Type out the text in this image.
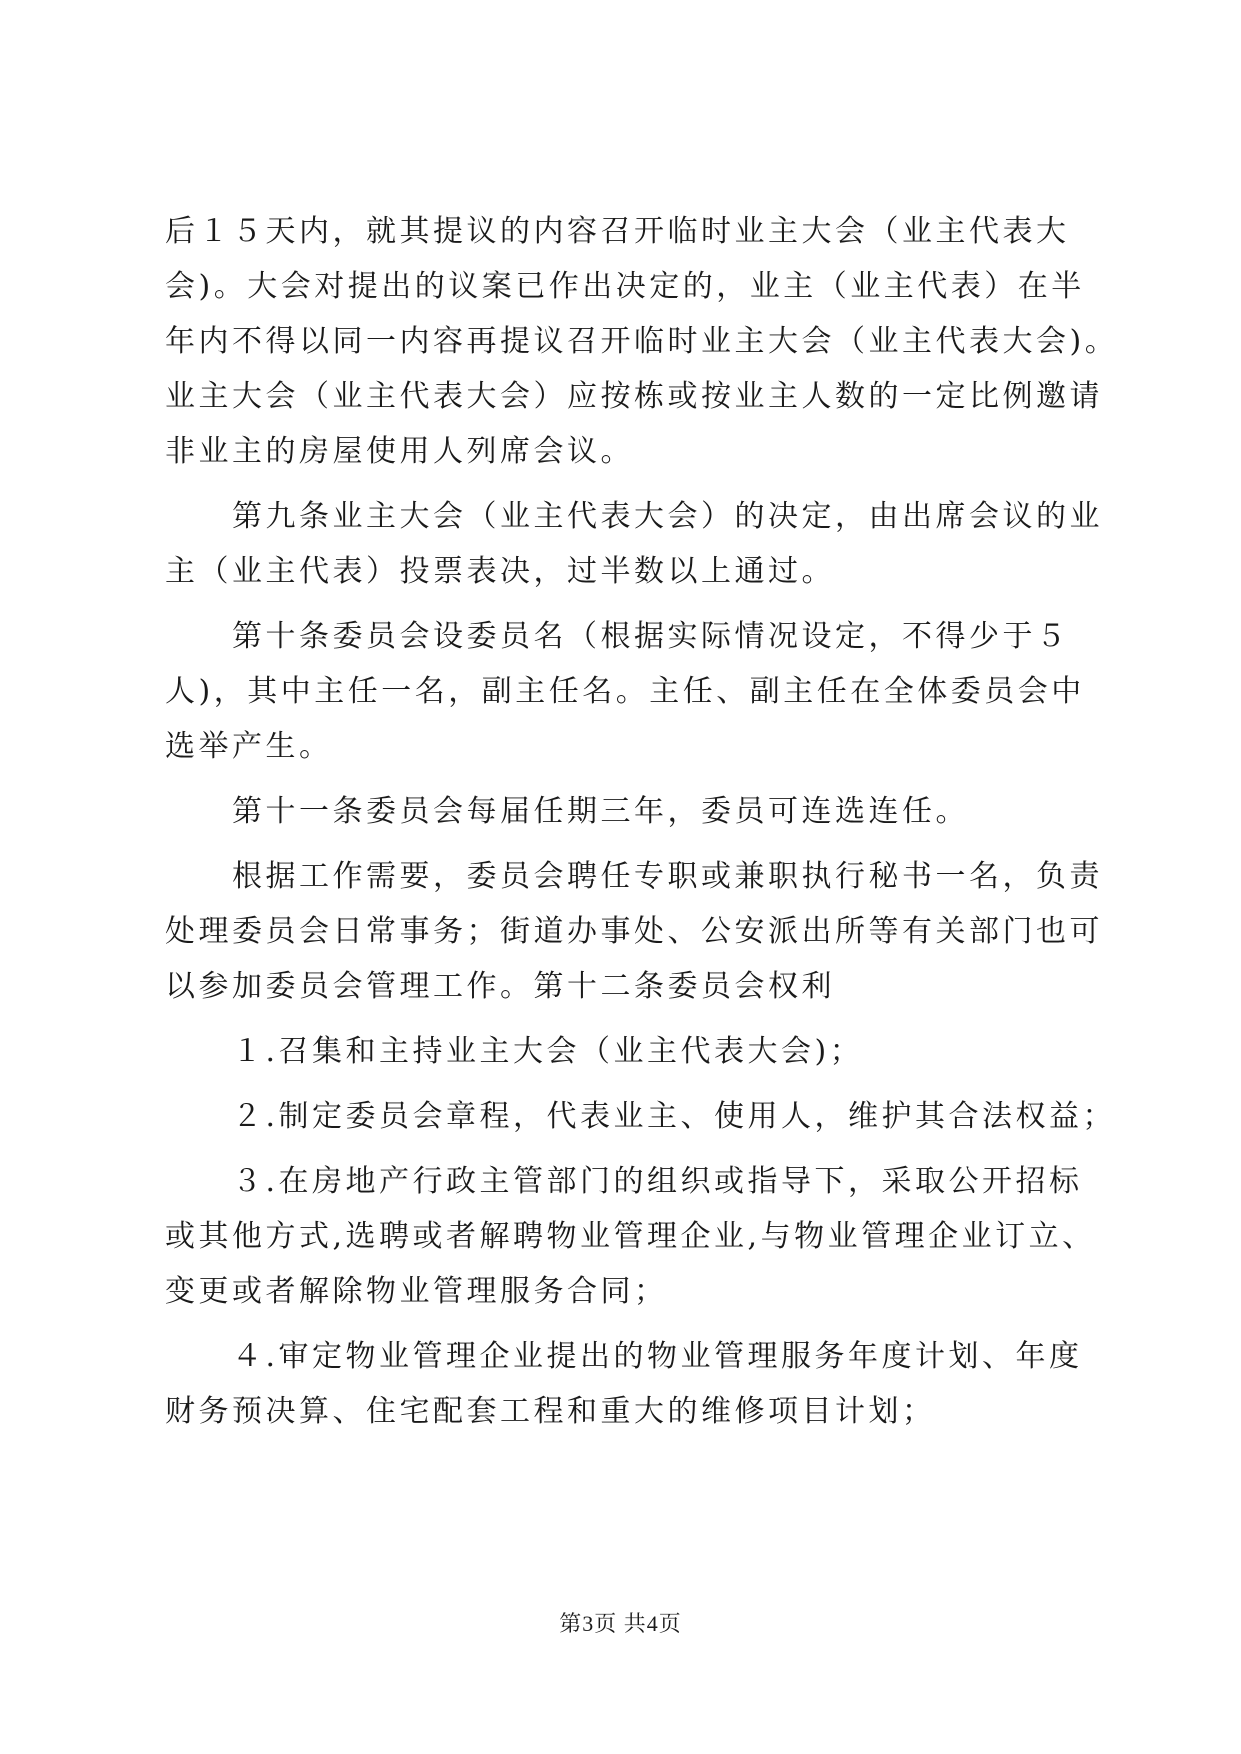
后１５天内，就其提议的内容召开临时业主大会（业主代表大
会)。大会对提出的议案已作出决定的，业主（业主代表）在半
年内不得以同一内容再提议召开临时业主大会（业主代表大会)。
业主大会（业主代表大会）应按栋或按业主人数的一定比例邀请
非业主的房屋使用人列席会议。
第九条业主大会（业主代表大会）的决定，由出席会议的业
主（业主代表）投票表决，过半数以上通过。
第十条委员会设委员名（根据实际情况设定，不得少于５
人)，其中主任一名，副主任名。主任、副主任在全体委员会中
选举产生。
第十一条委员会每届任期三年，委员可连选连任。
根据工作需要，委员会聘任专职或兼职执行秘书一名，负责
处理委员会日常事务；街道办事处、公安派出所等有关部门也可
以参加委员会管理工作。第十二条委员会权利
１.召集和主持业主大会（业主代表大会)；
２.制定委员会章程，代表业主、使用人，维护其合法权益；
３.在房地产行政主管部门的组织或指导下，采取公开招标
或其他方式,选聘或者解聘物业管理企业,与物业管理企业订立、
变更或者解除物业管理服务合同；
４.审定物业管理企业提出的物业管理服务年度计划、年度
财务预决算、住宅配套工程和重大的维修项目计划；
第3页 共4页
